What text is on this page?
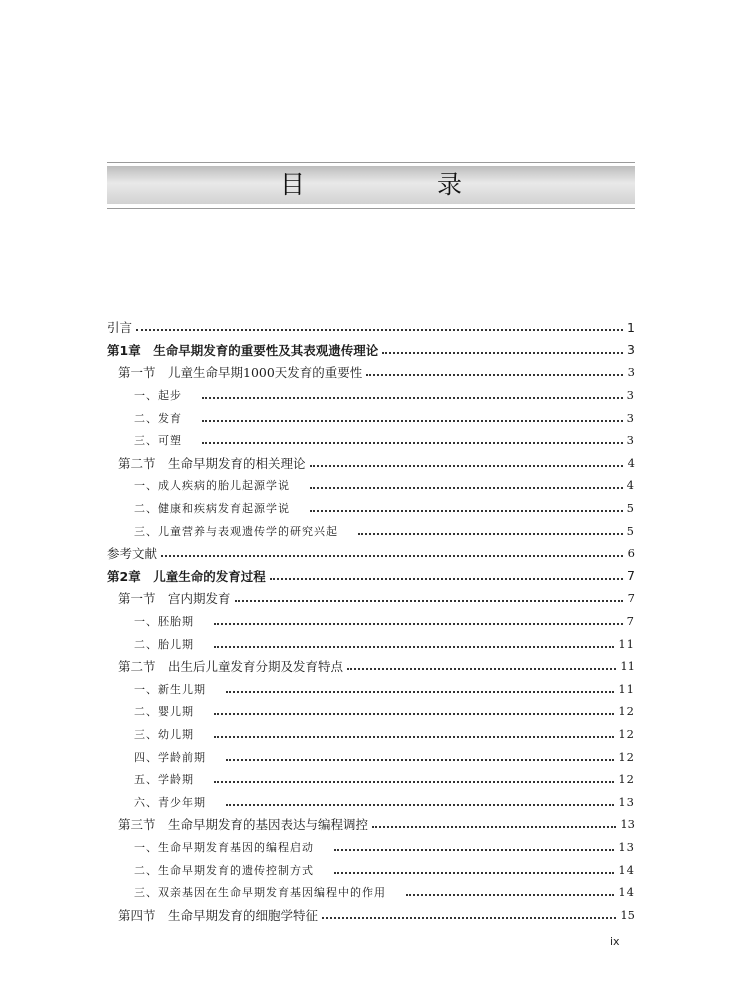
目 录
引言	1
第1章　生命早期发育的重要性及其表观遗传理论	3
第一节　儿童生命早期1000天发育的重要性	3
一、起步	3
二、发育	3
三、可塑	3
第二节　生命早期发育的相关理论	4
一、成人疾病的胎儿起源学说	4
二、健康和疾病发育起源学说	5
三、儿童营养与表观遗传学的研究兴起	5
参考文献	6
第2章　儿童生命的发育过程	7
第一节　宫内期发育	7
一、胚胎期	7
二、胎儿期	11
第二节　出生后儿童发育分期及发育特点	11
一、新生儿期	11
二、婴儿期	12
三、幼儿期	12
四、学龄前期	12
五、学龄期	12
六、青少年期	13
第三节　生命早期发育的基因表达与编程调控	13
一、生命早期发育基因的编程启动	13
二、生命早期发育的遗传控制方式	14
三、双亲基因在生命早期发育基因编程中的作用	14
第四节　生命早期发育的细胞学特征	15
ix
